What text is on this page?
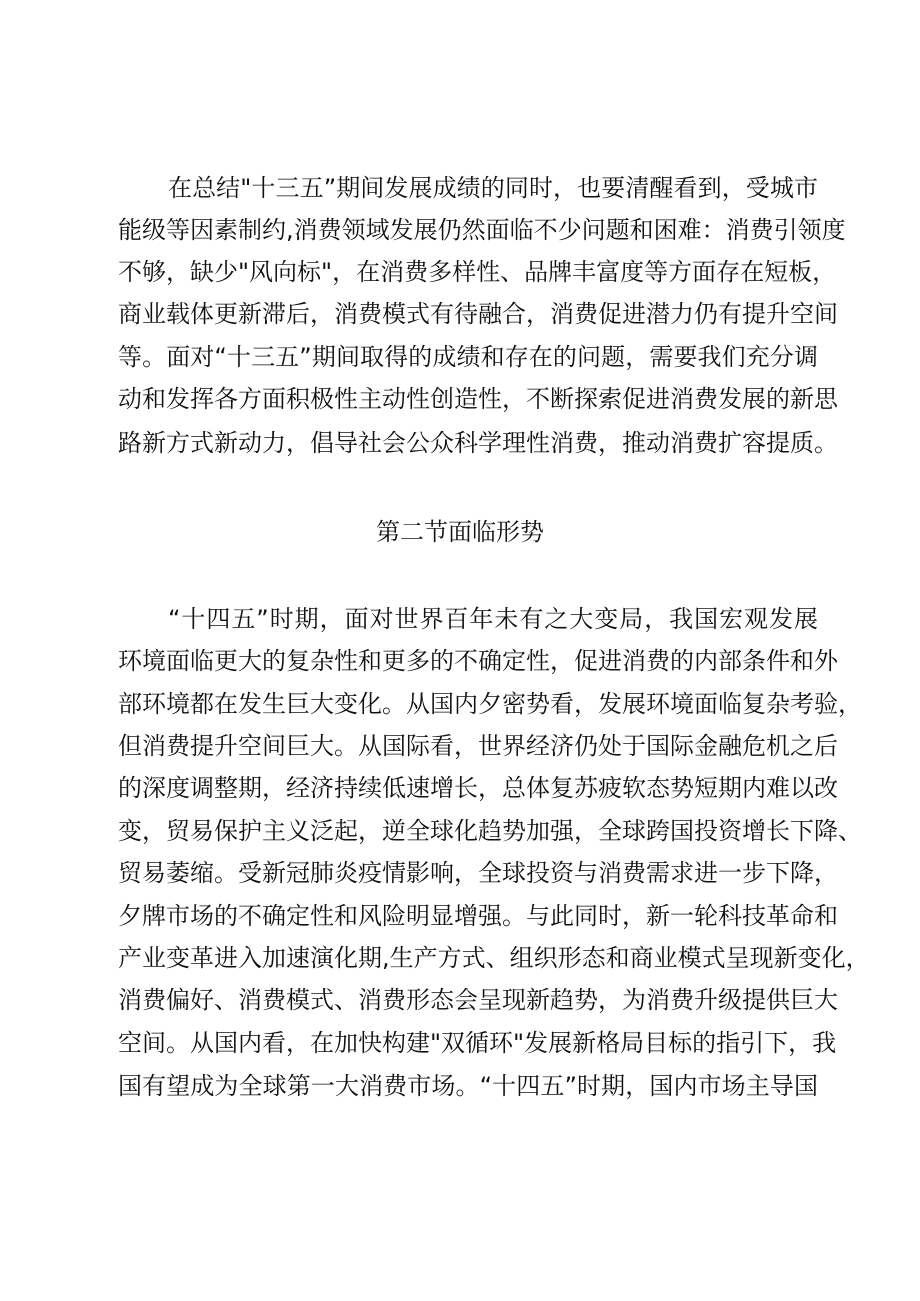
在总结"十三五”期间发展成绩的同时，也要清醒看到，受城市
能级等因素制约,消费领域发展仍然面临不少问题和困难：消费引领度
不够，缺少"风向标"，在消费多样性、品牌丰富度等方面存在短板，
商业载体更新滞后，消费模式有待融合，消费促进潜力仍有提升空间
等。面对“十三五”期间取得的成绩和存在的问题，需要我们充分调
动和发挥各方面积极性主动性创造性，不断探索促进消费发展的新思
路新方式新动力，倡导社会公众科学理性消费，推动消费扩容提质。
第二节面临形势
“十四五”时期，面对世界百年未有之大变局，我国宏观发展
环境面临更大的复杂性和更多的不确定性，促进消费的内部条件和外
部环境都在发生巨大变化。从国内夕密势看，发展环境面临复杂考验，
但消费提升空间巨大。从国际看，世界经济仍处于国际金融危机之后
的深度调整期，经济持续低速增长，总体复苏疲软态势短期内难以改
变，贸易保护主义泛起，逆全球化趋势加强，全球跨国投资增长下降、
贸易萎缩。受新冠肺炎疫情影响，全球投资与消费需求进一步下降，
夕牌市场的不确定性和风险明显增强。与此同时，新一轮科技革命和
产业变革进入加速演化期,生产方式、组织形态和商业模式呈现新变化，
消费偏好、消费模式、消费形态会呈现新趋势，为消费升级提供巨大
空间。从国内看，在加快构建"双循环"发展新格局目标的指引下，我
国有望成为全球第一大消费市场。“十四五”时期，国内市场主导国
